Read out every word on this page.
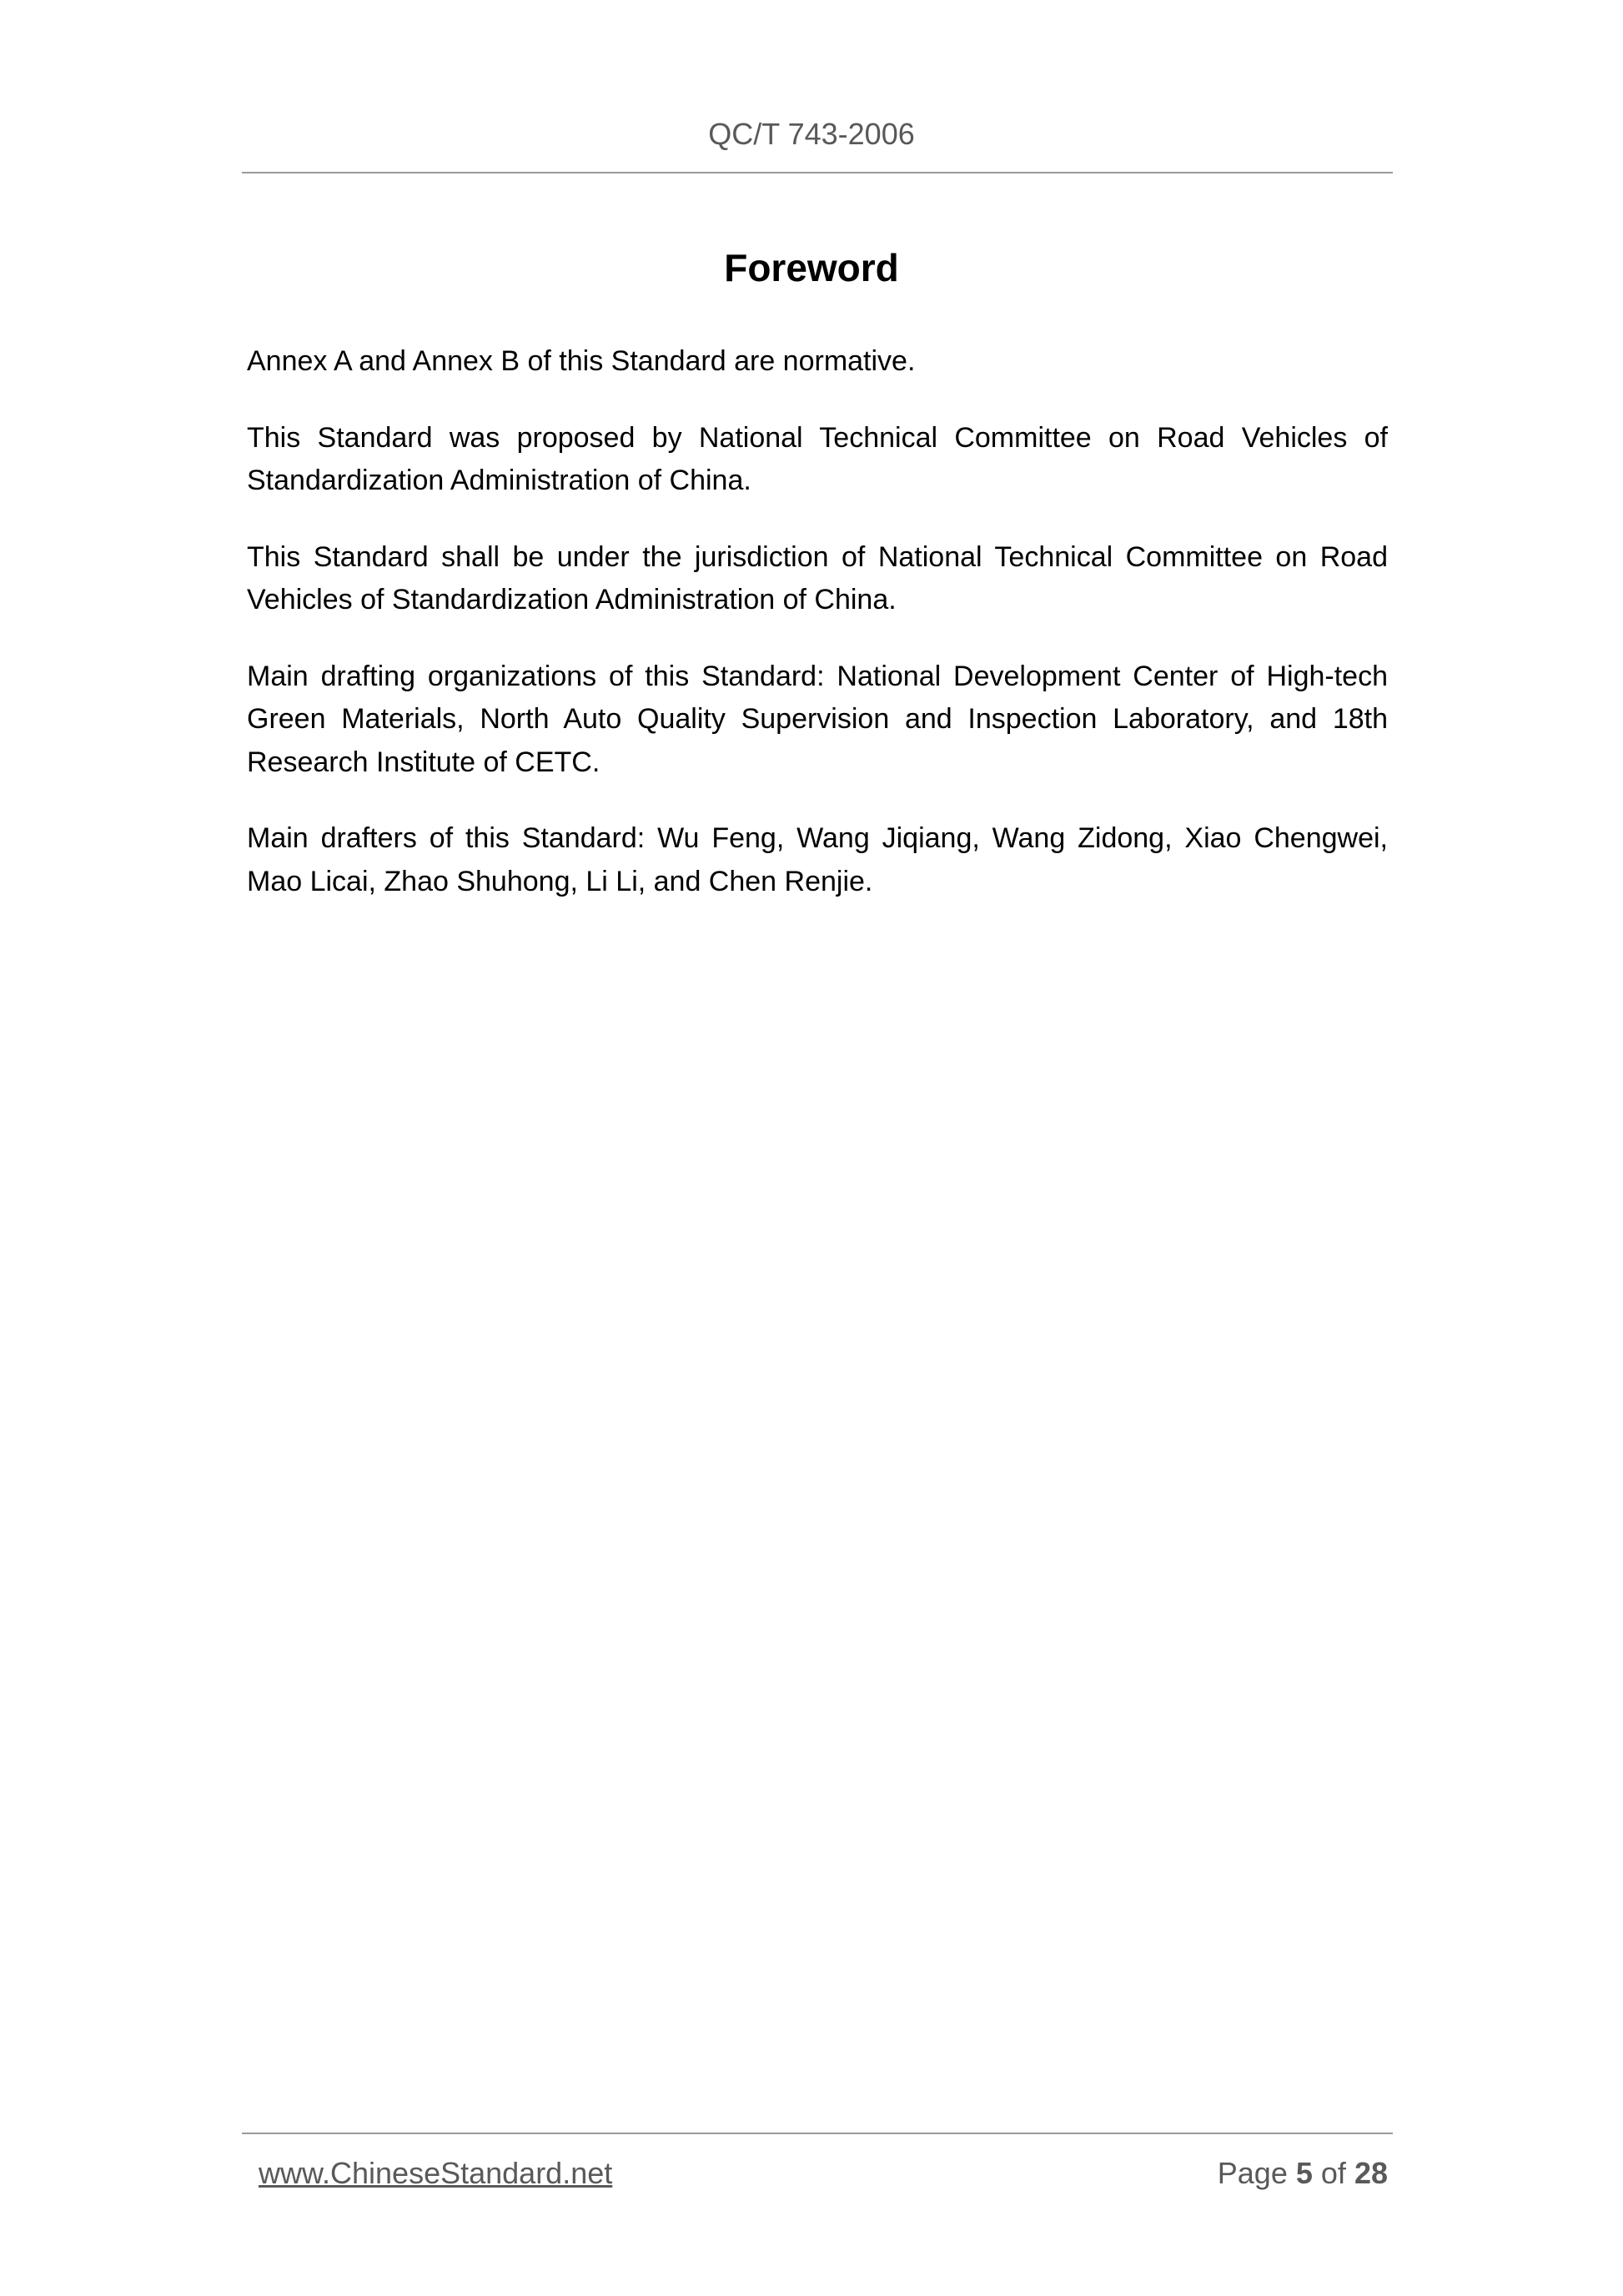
QC/T 743-2006
Foreword

Annex A and Annex B of this Standard are normative.

This Standard was proposed by National Technical Committee on Road Vehicles of Standardization Administration of China.

This Standard shall be under the jurisdiction of National Technical Committee on Road Vehicles of Standardization Administration of China.

Main drafting organizations of this Standard: National Development Center of High-tech Green Materials, North Auto Quality Supervision and Inspection Laboratory, and 18th Research Institute of CETC.

Main drafters of this Standard: Wu Feng, Wang Jiqiang, Wang Zidong, Xiao Chengwei, Mao Licai, Zhao Shuhong, Li Li, and Chen Renjie.

www.ChineseStandard.net	Page 5 of 28
